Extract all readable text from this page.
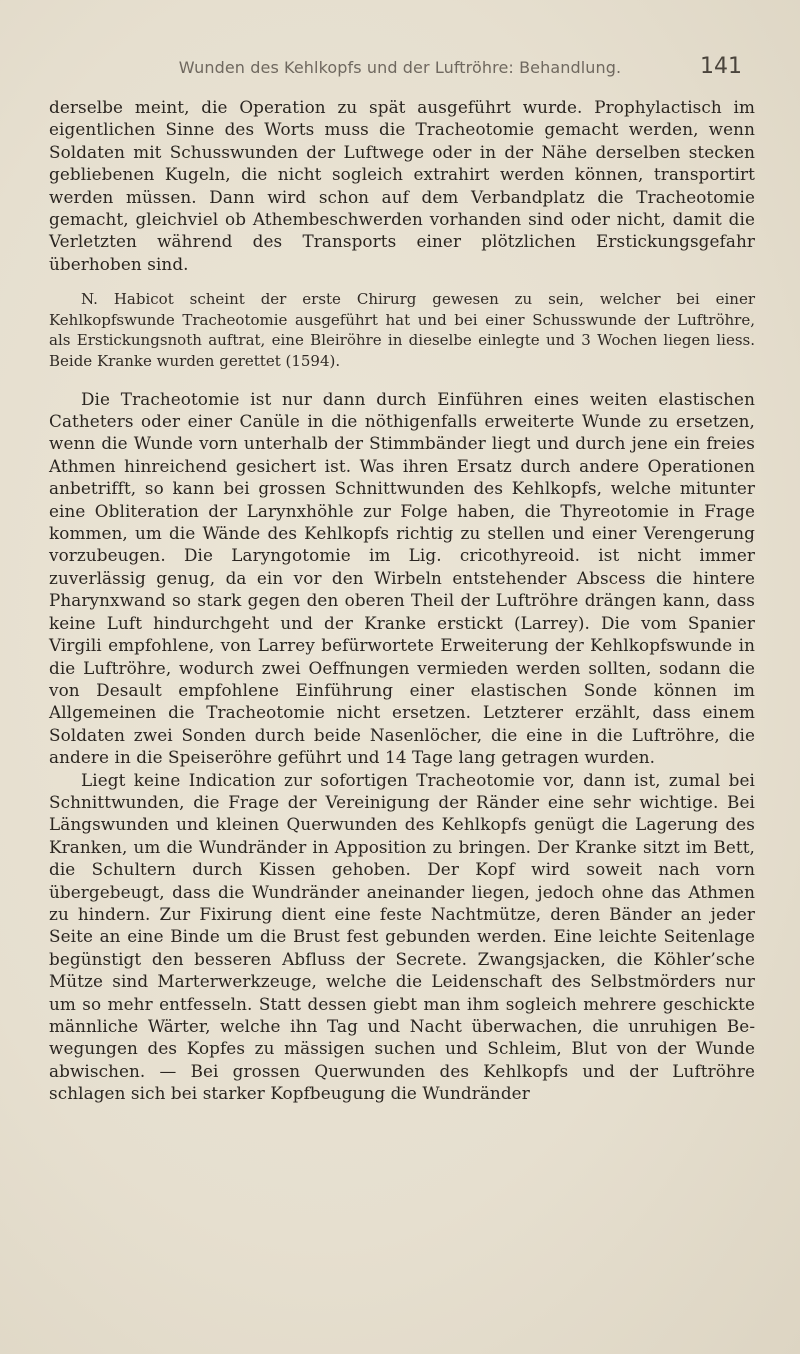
Wunden des Kehlkopfs und der Luftröhre: Behandlung.	141

derselbe meint, die Operation zu spät ausgeführt wurde. Prophylactisch im eigentlichen Sinne des Worts muss die Tracheotomie gemacht werden, wenn Soldaten mit Schusswunden der Luftwege oder in der Nähe derselben stecken gebliebenen Kugeln, die nicht sogleich extrahirt werden können, transportirt werden müssen. Dann wird schon auf dem Verbandplatz die Tracheotomie gemacht, gleichviel ob Athembeschwerden vorhanden sind oder nicht, damit die Verletzten während des Transports einer plötzlichen Erstickungsgefahr überhoben sind.

N. Habicot scheint der erste Chirurg gewesen zu sein, welcher bei einer Kehlkopfswunde Tracheotomie ausgeführt hat und bei einer Schusswunde der Luftröhre, als Erstickungsnoth auftrat, eine Bleiröhre in dieselbe einlegte und 3 Wochen liegen liess. Beide Kranke wurden gerettet (1594).

Die Tracheotomie ist nur dann durch Einführen eines weiten elastischen Catheters oder einer Canüle in die nöthigenfalls erweiterte Wunde zu ersetzen, wenn die Wunde vorn unterhalb der Stimmbänder liegt und durch jene ein freies Athmen hinreichend gesichert ist. Was ihren Ersatz durch andere Operationen anbetrifft, so kann bei grossen Schnittwunden des Kehlkopfs, welche mitunter eine Obliteration der Larynxhöhle zur Folge haben, die Thyreotomie in Frage kommen, um die Wände des Kehlkopfs richtig zu stellen und einer Verengerung vorzubeugen. Die Laryngotomie im Lig. cricothyreoid. ist nicht immer zuverlässig genug, da ein vor den Wirbeln entstehender Abscess die hintere Pharynxwand so stark gegen den oberen Theil der Luftröhre drängen kann, dass keine Luft hindurchgeht und der Kranke erstickt (Larrey). Die vom Spanier Virgili empfohlene, von Larrey befürwortete Erweiterung der Kehlkopfswunde in die Luftröhre, wodurch zwei Oeffnungen vermieden werden sollten, sodann die von Desault empfohlene Einführung einer elastischen Sonde können im Allgemeinen die Tracheotomie nicht ersetzen. Letzterer erzählt, dass einem Soldaten zwei Sonden durch beide Nasenlöcher, die eine in die Luftröhre, die andere in die Speiseröhre geführt und 14 Tage lang getragen wurden.

Liegt keine Indication zur sofortigen Tracheotomie vor, dann ist, zumal bei Schnittwunden, die Frage der Vereinigung der Ränder eine sehr wichtige. Bei Längswunden und kleinen Querwunden des Kehlkopfs genügt die Lagerung des Kranken, um die Wundränder in Apposition zu bringen. Der Kranke sitzt im Bett, die Schultern durch Kissen gehoben. Der Kopf wird soweit nach vorn übergebeugt, dass die Wundränder aneinander liegen, jedoch ohne das Athmen zu hindern. Zur Fixirung dient eine feste Nachtmütze, deren Bänder an jeder Seite an eine Binde um die Brust fest gebunden werden. Eine leichte Seitenlage begünstigt den besseren Abfluss der Secrete. Zwangsjacken, die Köhler’sche Mütze sind Marterwerkzeuge, welche die Leidenschaft des Selbstmörders nur um so mehr entfesseln. Statt dessen giebt man ihm sogleich mehrere geschickte männliche Wärter, welche ihn Tag und Nacht überwachen, die unruhigen Bewegungen des Kopfes zu mässigen suchen und Schleim, Blut von der Wunde abwischen. — Bei grossen Querwunden des Kehlkopfs und der Luftröhre schlagen sich bei starker Kopfbeugung die Wundränder
